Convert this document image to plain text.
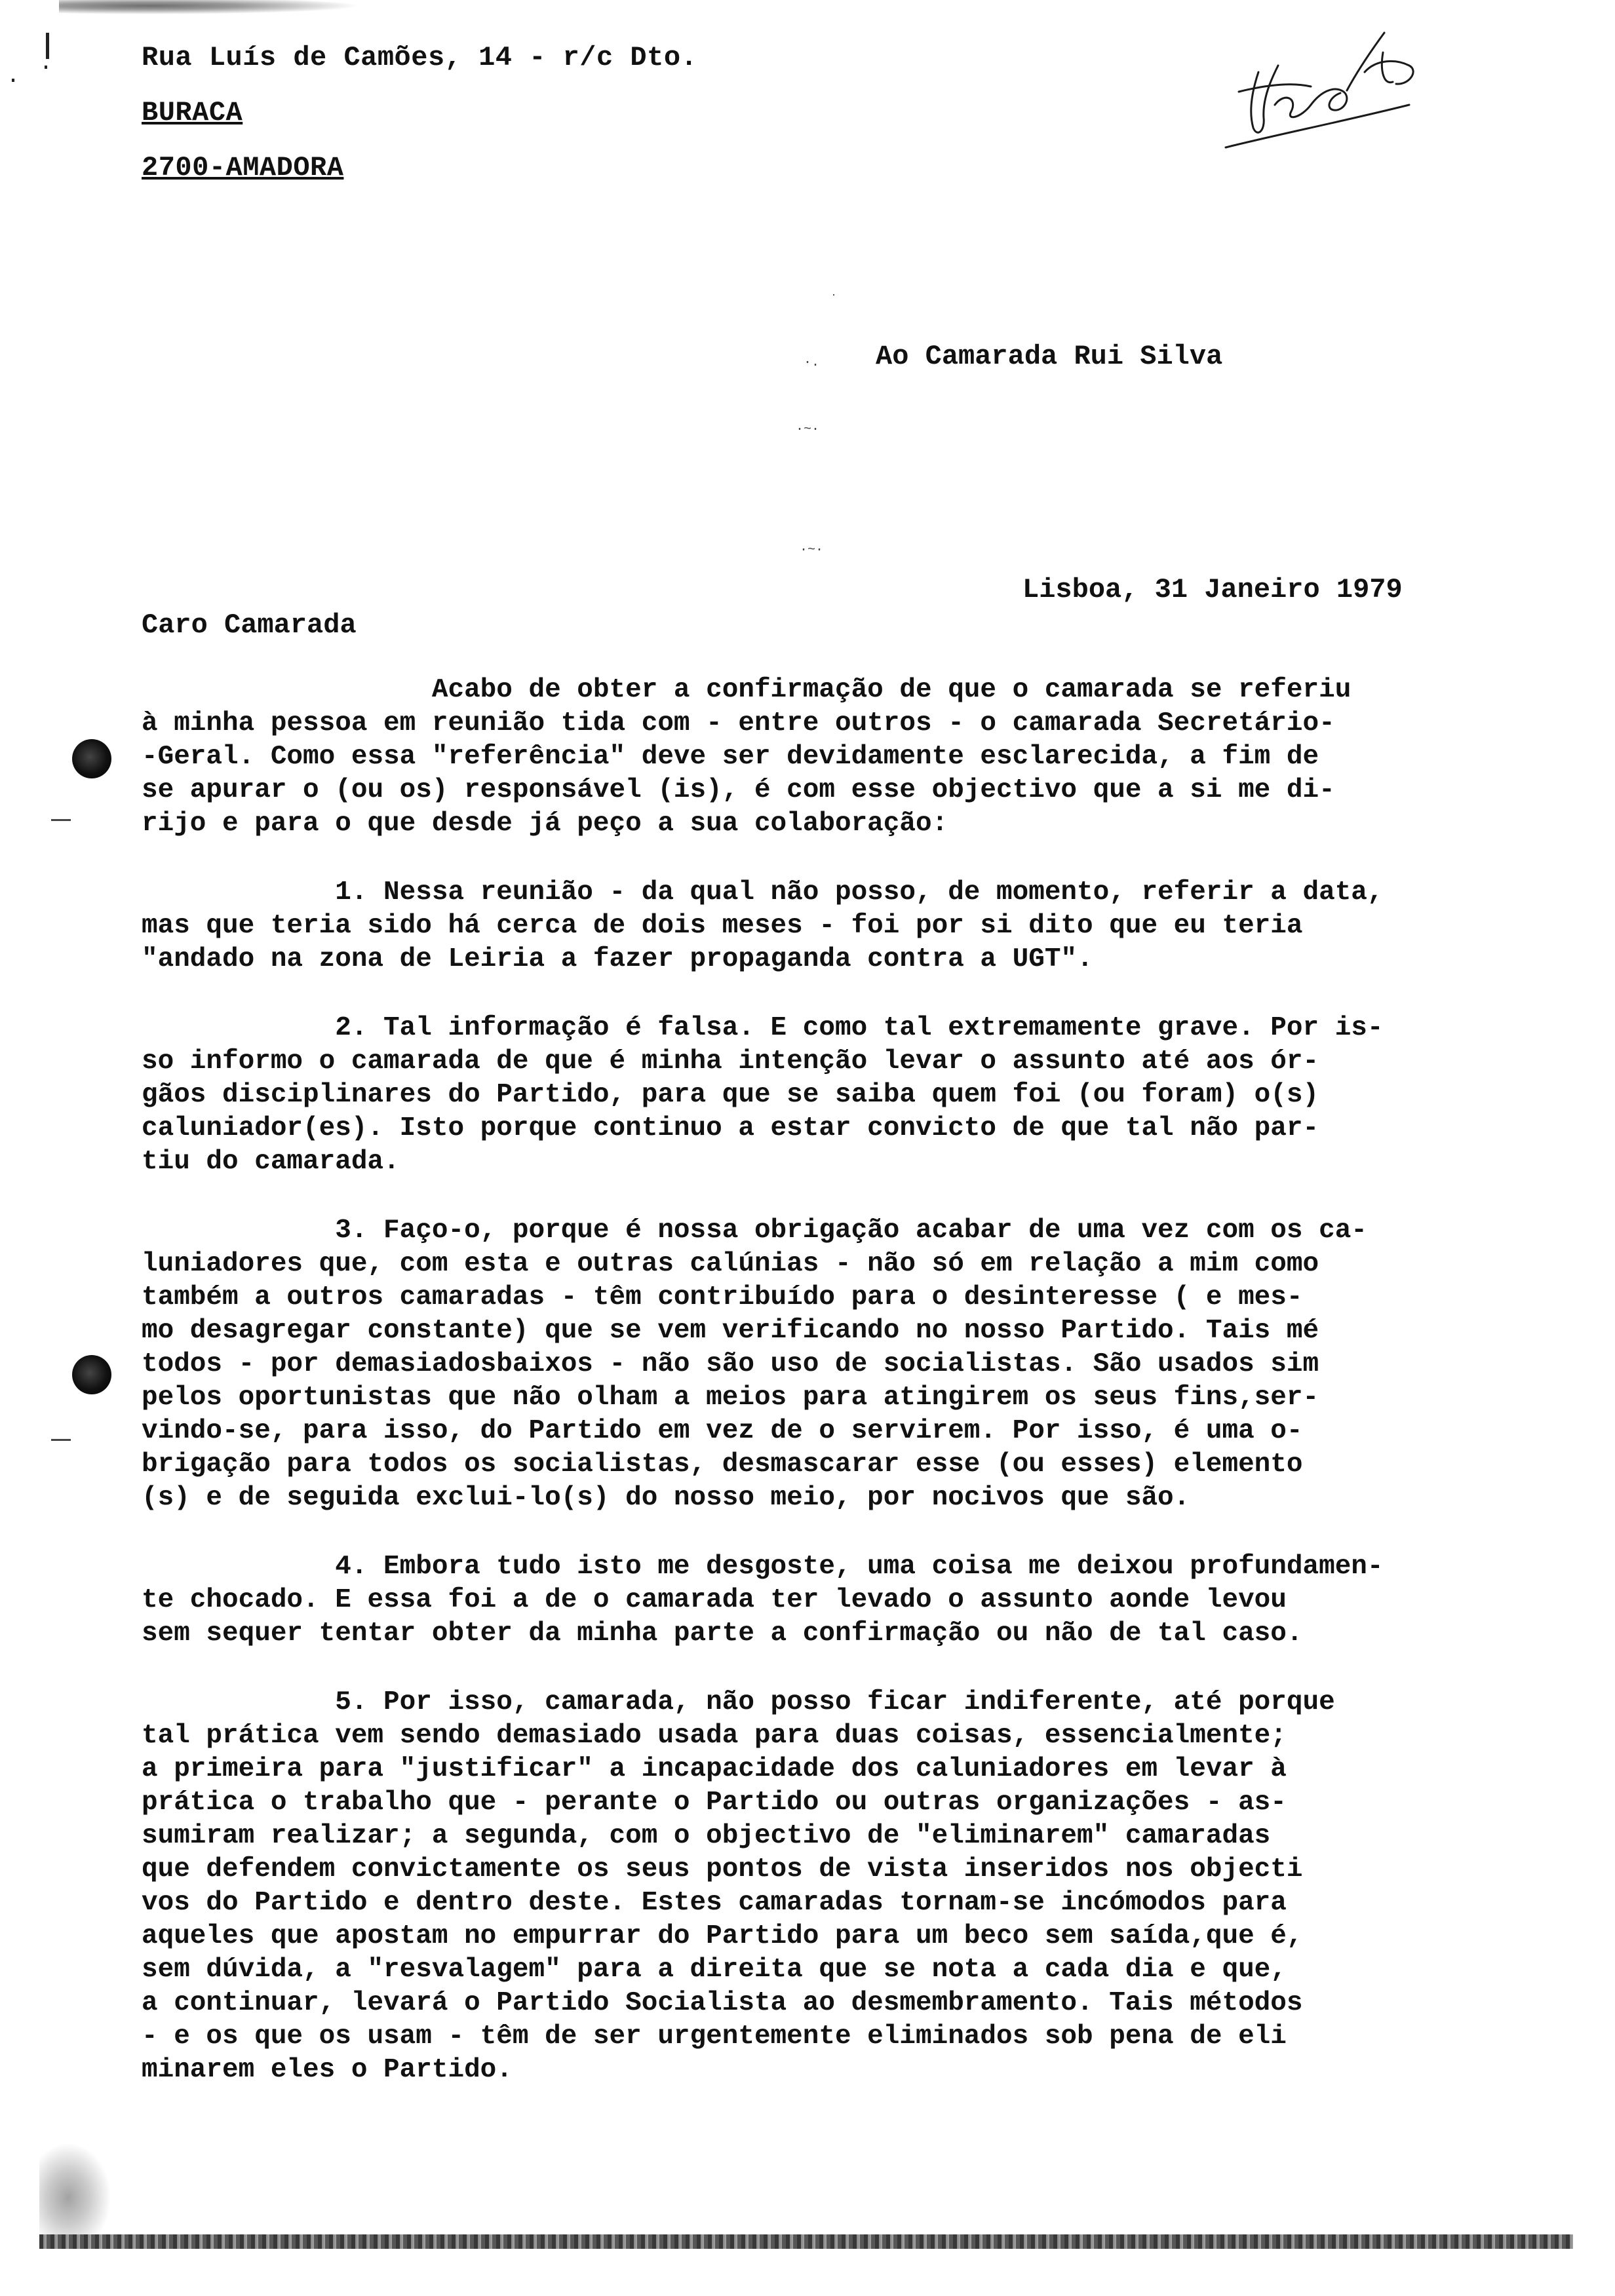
˙
·.
·~·
·~·
Rua Luís de Camões, 14 - r/c Dto.
BURACA
2700-AMADORA
Ao Camarada Rui Silva
Lisboa, 31 Janeiro 1979
Caro Camarada
Acabo de obter a confirmação de que o camarada se referiu
à minha pessoa em reunião tida com - entre outros - o camarada Secretário-
-Geral. Como essa "referência" deve ser devidamente esclarecida, a fim de
se apurar o (ou os) responsável (is), é com esse objectivo que a si me di-
rijo e para o que desde já peço a sua colaboração:
1. Nessa reunião - da qual não posso, de momento, referir a data,
mas que teria sido há cerca de dois meses - foi por si dito que eu teria
"andado na zona de Leiria a fazer propaganda contra a UGT".
2. Tal informação é falsa. E como tal extremamente grave. Por is-
so informo o camarada de que é minha intenção levar o assunto até aos ór-
gãos disciplinares do Partido, para que se saiba quem foi (ou foram) o(s)
caluniador(es). Isto porque continuo a estar convicto de que tal não par-
tiu do camarada.
3. Faço-o, porque é nossa obrigação acabar de uma vez com os ca-
luniadores que, com esta e outras calúnias - não só em relação a mim como
também a outros camaradas - têm contribuído para o desinteresse ( e mes-
mo desagregar constante) que se vem verificando no nosso Partido. Tais mé
todos - por demasiadosbaixos - não são uso de socialistas. São usados sim
pelos oportunistas que não olham a meios para atingirem os seus fins,ser-
vindo-se, para isso, do Partido em vez de o servirem. Por isso, é uma o-
brigação para todos os socialistas, desmascarar esse (ou esses) elemento
(s) e de seguida exclui-lo(s) do nosso meio, por nocivos que são.
4. Embora tudo isto me desgoste, uma coisa me deixou profundamen-
te chocado. E essa foi a de o camarada ter levado o assunto aonde levou
sem sequer tentar obter da minha parte a confirmação ou não de tal caso.
5. Por isso, camarada, não posso ficar indiferente, até porque
tal prática vem sendo demasiado usada para duas coisas, essencialmente;
a primeira para "justificar" a incapacidade dos caluniadores em levar à
prática o trabalho que - perante o Partido ou outras organizações - as-
sumiram realizar; a segunda, com o objectivo de "eliminarem" camaradas
que defendem convictamente os seus pontos de vista inseridos nos objecti
vos do Partido e dentro deste. Estes camaradas tornam-se incómodos para
aqueles que apostam no empurrar do Partido para um beco sem saída,que é,
sem dúvida, a "resvalagem" para a direita que se nota a cada dia e que,
a continuar, levará o Partido Socialista ao desmembramento. Tais métodos
- e os que os usam - têm de ser urgentemente eliminados sob pena de eli
minarem eles o Partido.
